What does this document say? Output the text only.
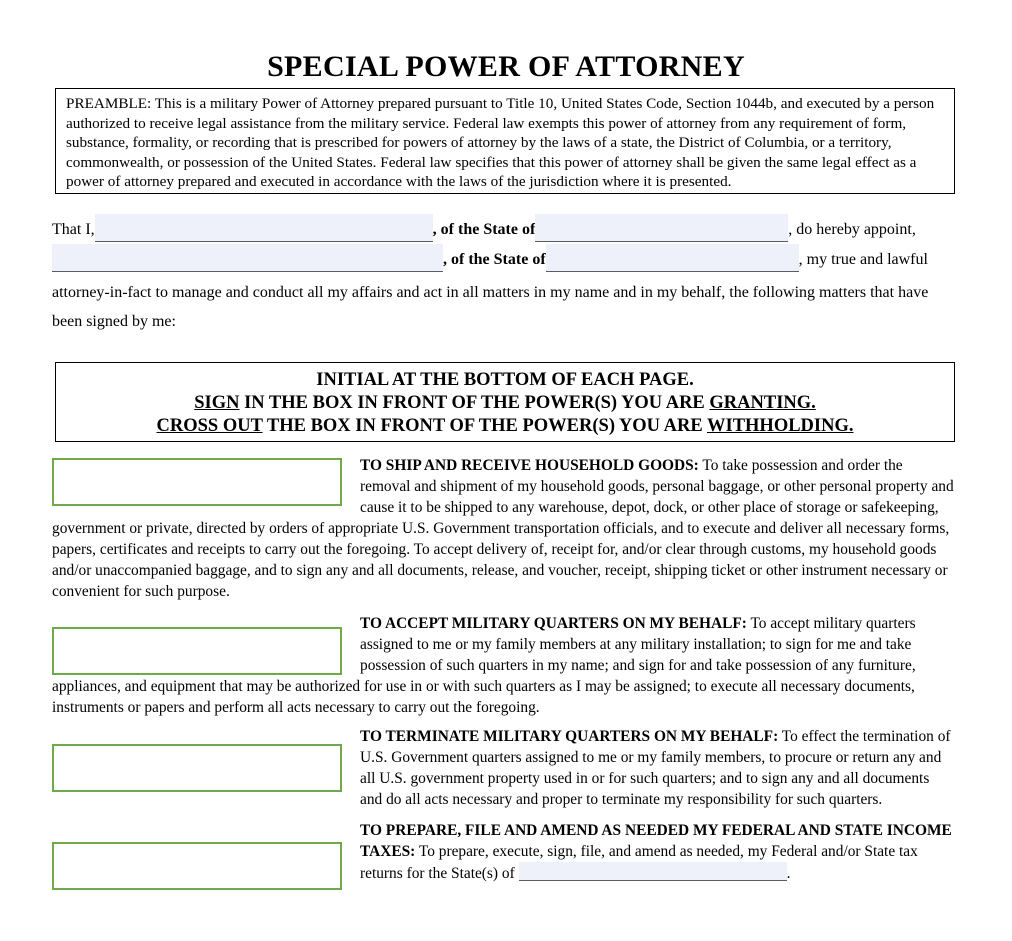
SPECIAL POWER OF ATTORNEY

PREAMBLE: This is a military Power of Attorney prepared pursuant to Title 10, United States Code, Section 1044b, and executed by a person authorized to receive legal assistance from the military service. Federal law exempts this power of attorney from any requirement of form, substance, formality, or recording that is prescribed for powers of attorney by the laws of a state, the District of Columbia, or a territory, commonwealth, or possession of the United States. Federal law specifies that this power of attorney shall be given the same legal effect as a power of attorney prepared and executed in accordance with the laws of the jurisdiction where it is presented.

That I,	, of the State of	, do hereby appoint,
, of the State of	, my true and lawful

attorney-in-fact to manage and conduct all my affairs and act in all matters in my name and in my behalf, the following matters that have been signed by me:

INITIAL AT THE BOTTOM OF EACH PAGE.
SIGN IN THE BOX IN FRONT OF THE POWER(S) YOU ARE GRANTING.
CROSS OUT THE BOX IN FRONT OF THE POWER(S) YOU ARE WITHHOLDING.

TO SHIP AND RECEIVE HOUSEHOLD GOODS: To take possession and order the removal and shipment of my household goods, personal baggage, or other personal property and cause it to be shipped to any warehouse, depot, dock, or other place of storage or safekeeping, government or private, directed by orders of appropriate U.S. Government transportation officials, and to execute and deliver all necessary forms, papers, certificates and receipts to carry out the foregoing. To accept delivery of, receipt for, and/or clear through customs, my household goods and/or unaccompanied baggage, and to sign any and all documents, release, and voucher, receipt, shipping ticket or other instrument necessary or convenient for such purpose.

TO ACCEPT MILITARY QUARTERS ON MY BEHALF: To accept military quarters assigned to me or my family members at any military installation; to sign for me and take possession of such quarters in my name; and sign for and take possession of any furniture, appliances, and equipment that may be authorized for use in or with such quarters as I may be assigned; to execute all necessary documents, instruments or papers and perform all acts necessary to carry out the foregoing.

TO TERMINATE MILITARY QUARTERS ON MY BEHALF: To effect the termination of U.S. Government quarters assigned to me or my family members, to procure or return any and all U.S. government property used in or for such quarters; and to sign any and all documents and do all acts necessary and proper to terminate my responsibility for such quarters.

TO PREPARE, FILE AND AMEND AS NEEDED MY FEDERAL AND STATE INCOME TAXES: To prepare, execute, sign, file, and amend as needed, my Federal and/or State tax returns for the State(s) of	.
